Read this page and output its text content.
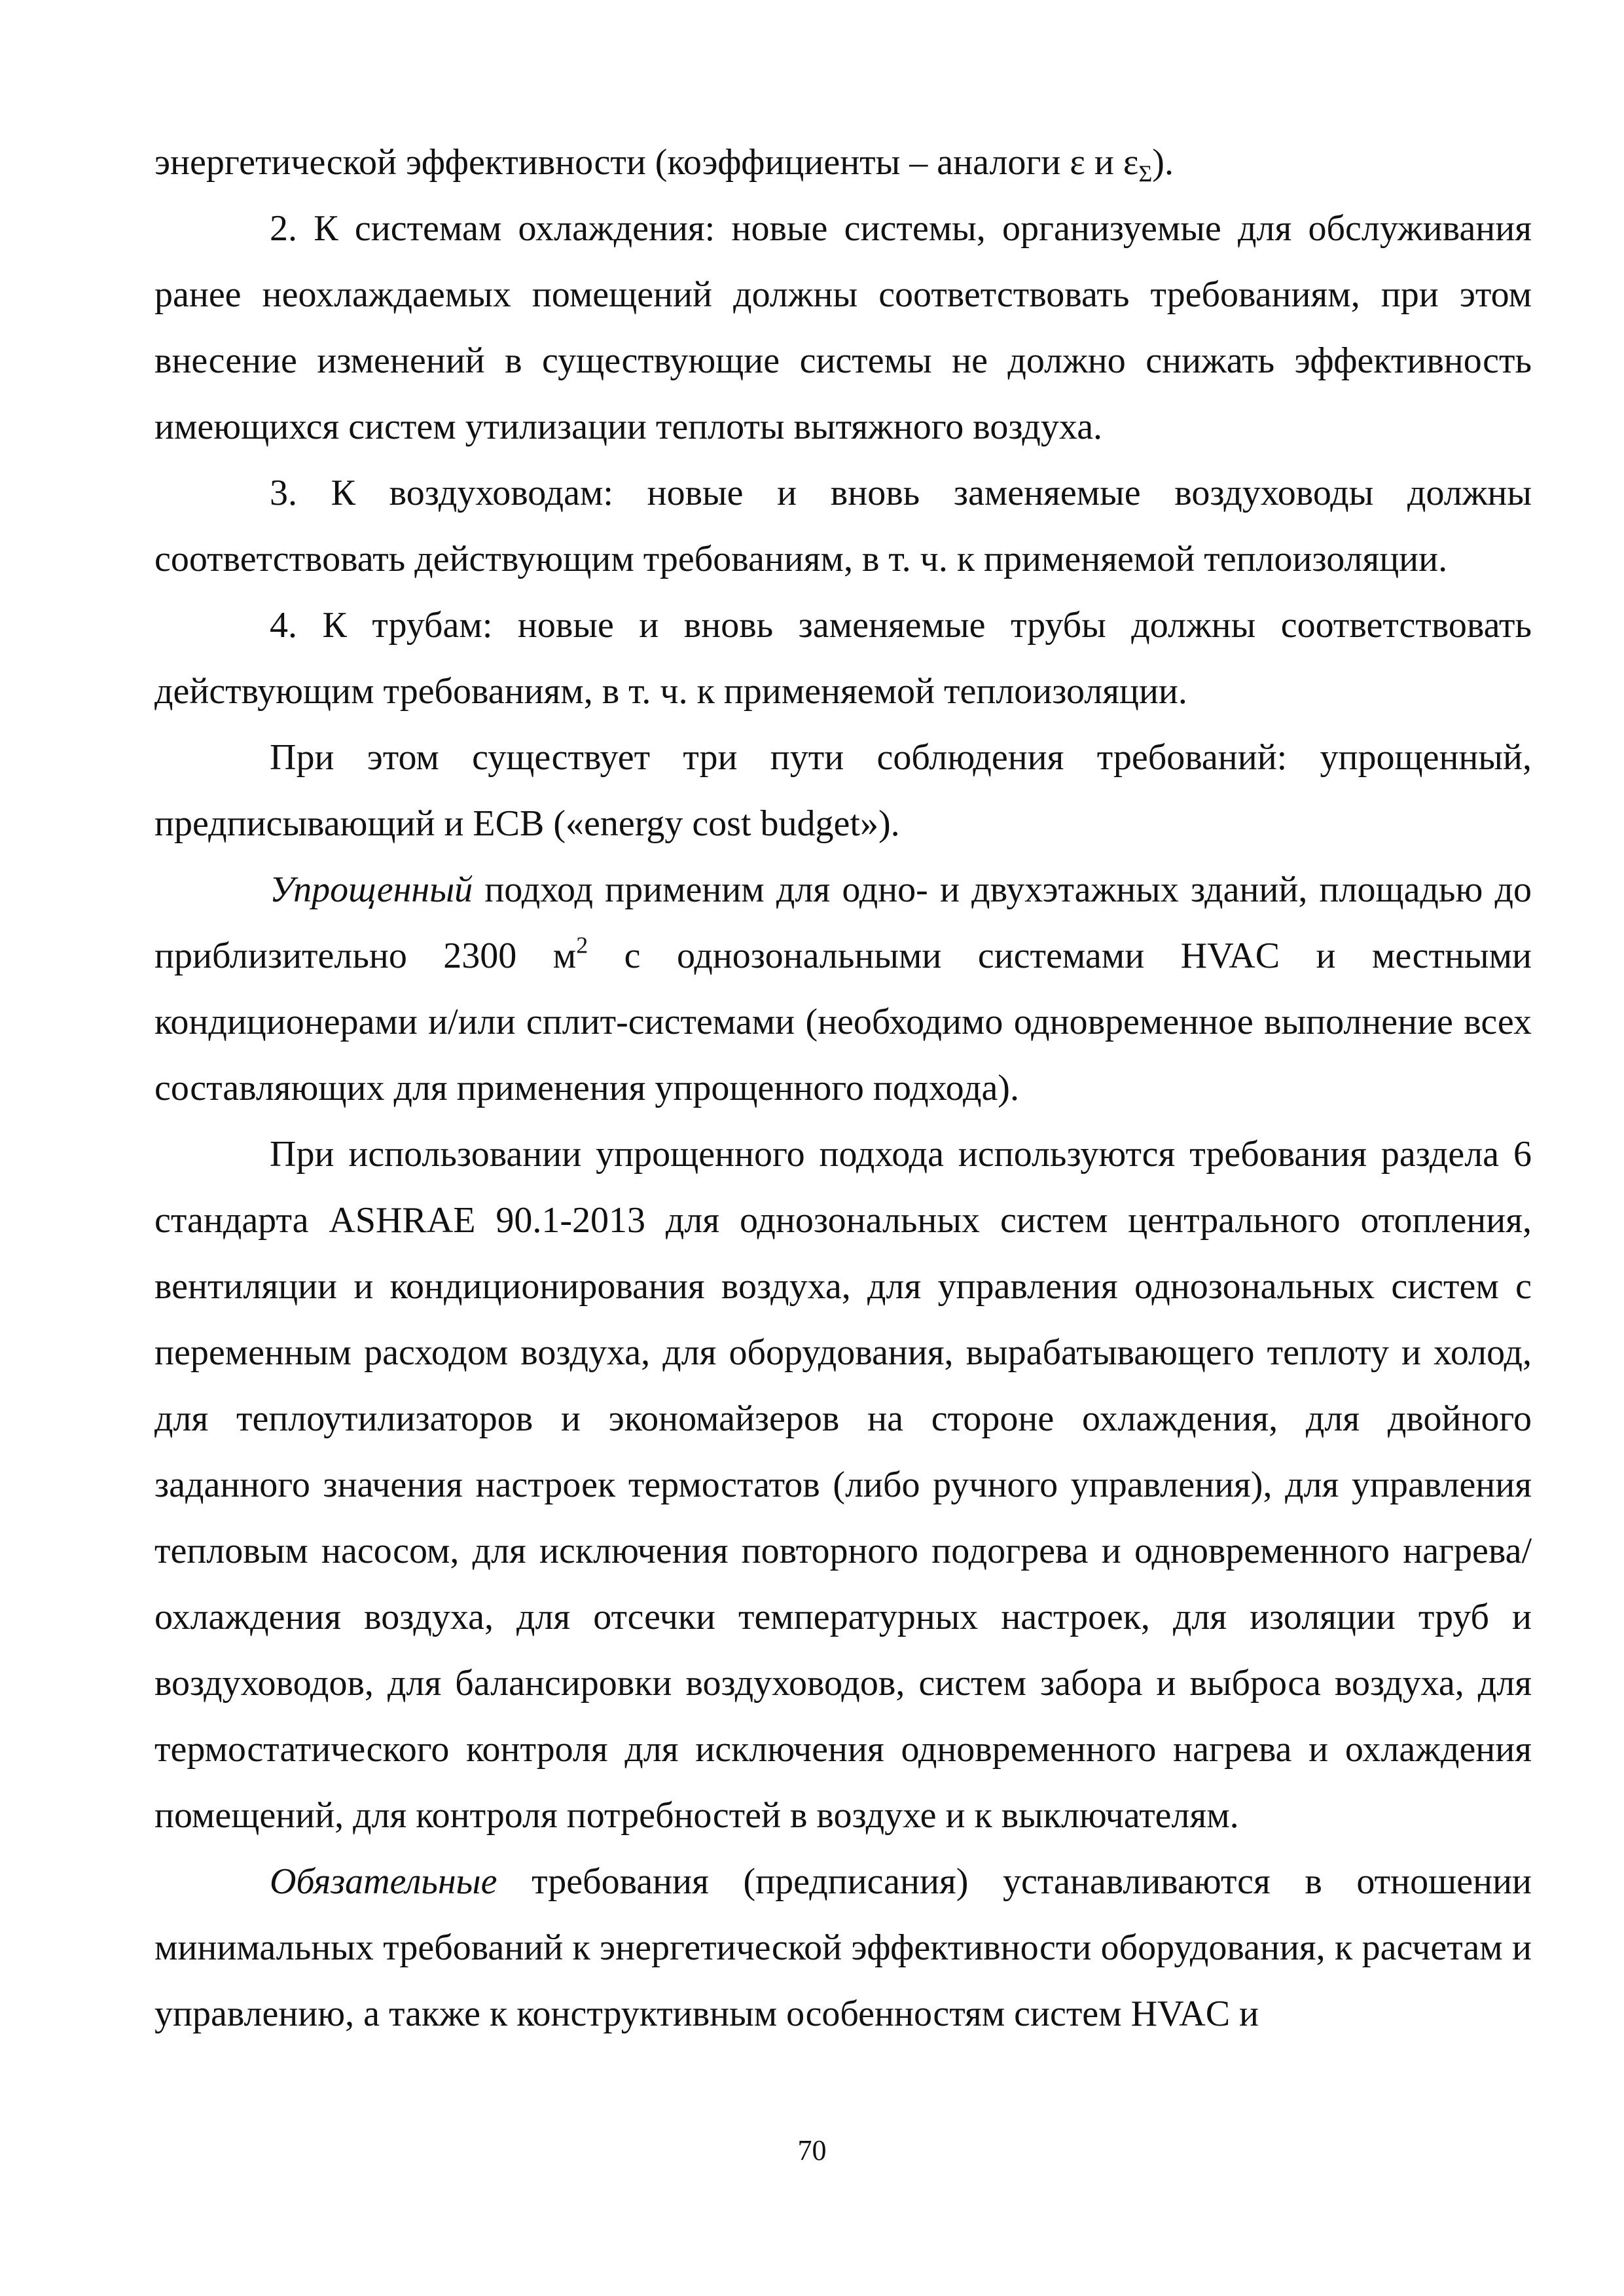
энергетической эффективности (коэффициенты – аналоги ε и $\varepsilon_\Sigma$).

2. К системам охлаждения: новые системы, организуемые для обслуживания ранее неохлаждаемых помещений должны соответствовать требованиям, при этом внесение изменений в существующие системы не должно снижать эффективность имеющихся систем утилизации теплоты вытяжного воздуха.

3. К воздуховодам: новые и вновь заменяемые воздуховоды должны соответствовать действующим требованиям, в т. ч. к применяемой теплоизоляции.

4. К трубам: новые и вновь заменяемые трубы должны соответствовать действующим требованиям, в т. ч. к применяемой теплоизоляции.

При этом существует три пути соблюдения требований: упрощенный, предписывающий и ECB («energy cost budget»).

Упрощенный подход применим для одно- и двухэтажных зданий, площадью до приблизительно 2300 $м^2$ с однозональными системами HVAC и местными кондиционерами и/или сплит-системами (необходимо одновременное выполнение всех составляющих для применения упрощенного подхода).

При использовании упрощенного подхода используются требования раздела 6 стандарта ASHRAE 90.1-2013 для однозональных систем центрального отопления, вентиляции и кондиционирования воздуха, для управления однозональных систем с переменным расходом воздуха, для оборудования, вырабатывающего теплоту и холод, для теплоутилизаторов и экономайзеров на стороне охлаждения, для двойного заданного значения настроек термостатов (либо ручного управления), для управления тепловым насосом, для исключения повторного подогрева и одновременного нагрева/охлаждения воздуха, для отсечки температурных настроек, для изоляции труб и воздуховодов, для балансировки воздуховодов, систем забора и выброса воздуха, для термостатического контроля для исключения одновременного нагрева и охлаждения помещений, для контроля потребностей в воздухе и к выключателям.

Обязательные требования (предписания) устанавливаются в отношении минимальных требований к энергетической эффективности оборудования, к расчетам и управлению, а также к конструктивным особенностям систем HVAC и

70
